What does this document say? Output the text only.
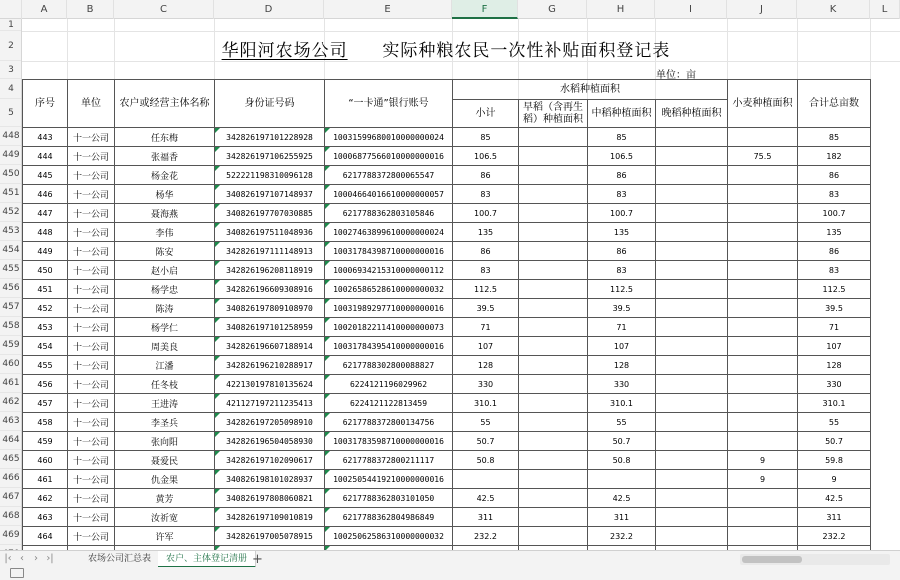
A	B	C	D	E	F	G	H	I	J	K	L
1
2
3
4
5
448
449
450
451
452
453
454
455
456
457
458
459
460
461
462
463
464
465
466
467
468
469
华阳河农场公司 实际种粮农民一次性补贴面积登记表
单位：亩
序号	单位	农户或经营主体名称	身份证号码	“一卡通”银行账号	水稻种植面积				小麦种植面积	合计总亩数
					小计	早稻（含再生稻）种植面积	中稻种植面积	晚稻种植面积		
443	十一公司	任东梅	342826197101228928	10031599680010000000024	85		85			85
444	十一公司	张福香	342826197106255925	10006877566010000000016	106.5		106.5		75.5	182
445	十一公司	杨金花	522221198310096128	6217788372800065547	86		86			86
446	十一公司	杨华	340826197107148937	10004664016610000000057	83		83			83
447	十一公司	聂海燕	340826197707030885	6217788362803105846	100.7		100.7			100.7
448	十一公司	李伟	340826197511048936	10027463899610000000024	135		135			135
449	十一公司	陈安	342826197111148913	10031784398710000000016	86		86			86
450	十一公司	赵小启	342826196208118919	10006934215310000000112	83		83			83
451	十一公司	杨学忠	342826196609308916	10026586528610000000032	112.5		112.5			112.5
452	十一公司	陈涛	340826197809108970	10031989297710000000016	39.5		39.5			39.5
453	十一公司	杨学仁	340826197101258959	10020182211410000000073	71		71			71
454	十一公司	周美良	342826196607188914	10031784395410000000016	107		107			107
455	十一公司	江潘	342826196210288917	6217788302800088827	128		128			128
456	十一公司	任冬枝	422130197810135624	6224121196029962	330		330			330
457	十一公司	王进涛	421127197211235413	6224121122813459	310.1		310.1			310.1
458	十一公司	李圣兵	342826197205098910	6217788372800134756	55		55			55
459	十一公司	张向阳	342826196504058930	10031783598710000000016	50.7		50.7			50.7
460	十一公司	聂爱民	342826197102090617	6217788372800211117	50.8		50.8		9	59.8
461	十一公司	仇金果	340826198101028937	10025054419210000000016					9	9
462	十一公司	黄芳	340826197808060821	6217788362803101050	42.5		42.5			42.5
463	十一公司	汝祈宽	342826197109010819	6217788362804986849	311		311			311
464	十一公司	许军	342826197005078915	10025062586310000000032	232.2		232.2			232.2

|‹ ‹	› ›|	农场公司汇总表	农户、主体登记清册 +
